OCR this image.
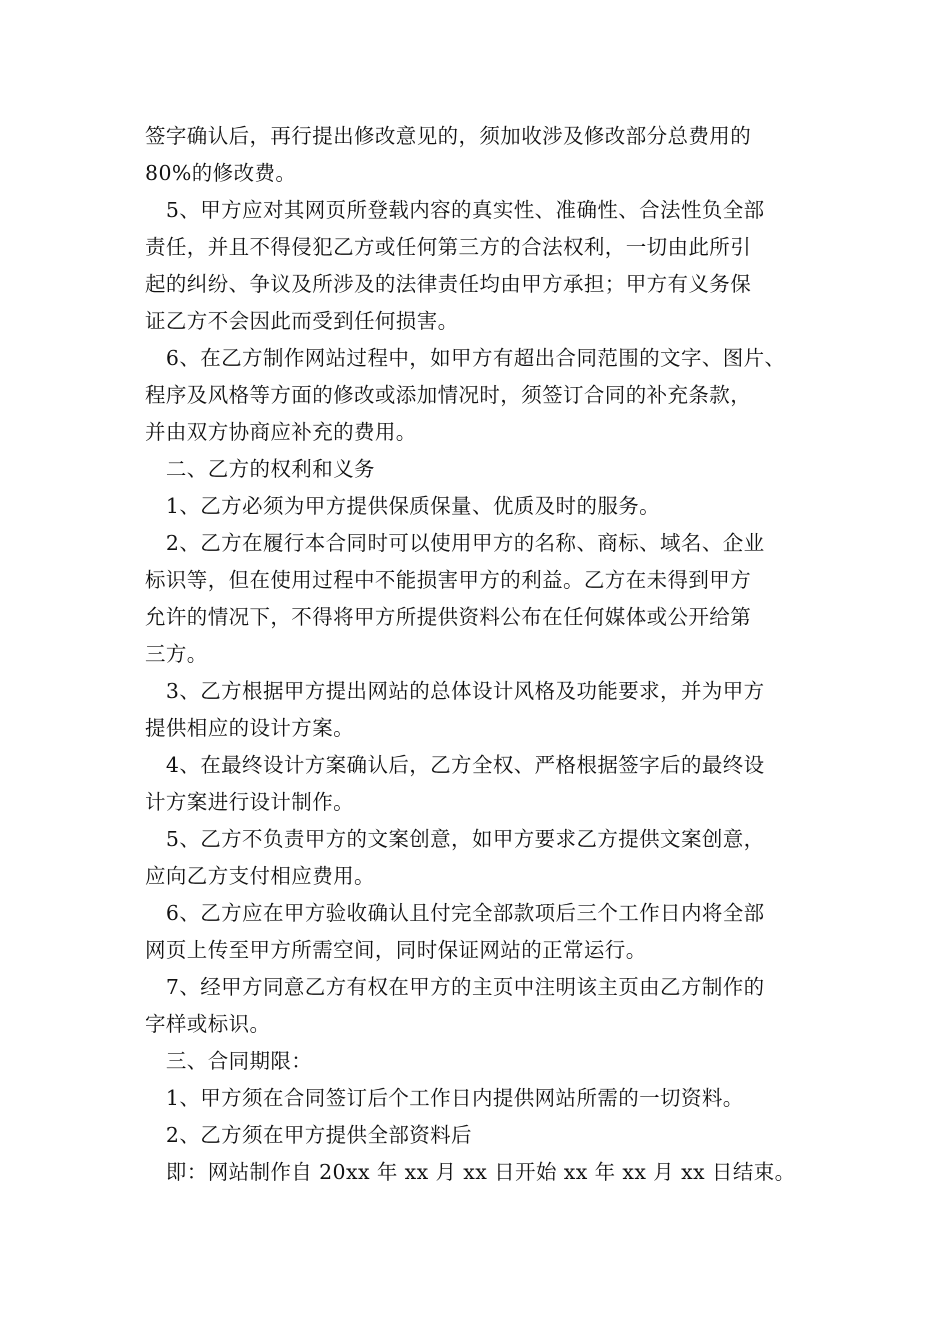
签字确认后，再行提出修改意见的，须加收涉及修改部分总费用的
80%的修改费。

　5、甲方应对其网页所登载内容的真实性、准确性、合法性负全部
责任，并且不得侵犯乙方或任何第三方的合法权利，一切由此所引
起的纠纷、争议及所涉及的法律责任均由甲方承担；甲方有义务保
证乙方不会因此而受到任何损害。

　6、在乙方制作网站过程中，如甲方有超出合同范围的文字、图片、
程序及风格等方面的修改或添加情况时，须签订合同的补充条款，
并由双方协商应补充的费用。

　二、乙方的权利和义务

　1、乙方必须为甲方提供保质保量、优质及时的服务。

　2、乙方在履行本合同时可以使用甲方的名称、商标、域名、企业
标识等，但在使用过程中不能损害甲方的利益。乙方在未得到甲方
允许的情况下，不得将甲方所提供资料公布在任何媒体或公开给第
三方。

　3、乙方根据甲方提出网站的总体设计风格及功能要求，并为甲方
提供相应的设计方案。

　4、在最终设计方案确认后，乙方全权、严格根据签字后的最终设
计方案进行设计制作。

　5、乙方不负责甲方的文案创意，如甲方要求乙方提供文案创意，
应向乙方支付相应费用。

　6、乙方应在甲方验收确认且付完全部款项后三个工作日内将全部
网页上传至甲方所需空间，同时保证网站的正常运行。

　7、经甲方同意乙方有权在甲方的主页中注明该主页由乙方制作的
字样或标识。

　三、合同期限：

　1、甲方须在合同签订后个工作日内提供网站所需的一切资料。

　2、乙方须在甲方提供全部资料后

　即：网站制作自 20xx 年 xx 月 xx 日开始 xx 年 xx 月 xx 日结束。
